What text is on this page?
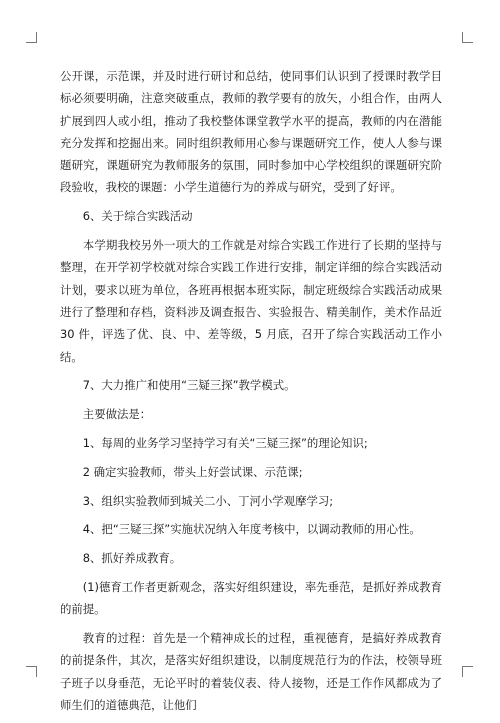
公开课，示范课，并及时进行研讨和总结，使同事们认识到了授课时教学目标必须要明确，注意突破重点，教师的教学要有的放矢，小组合作，由两人扩展到四人或小组，推动了我校整体课堂教学水平的提高，教师的内在潜能充分发挥和挖掘出来。同时组织教师用心参与课题研究工作，使人人参与课题研究，课题研究为教师服务的氛围，同时参加中心学校组织的课题研究阶段验收，我校的课题：小学生道德行为的养成与研究，受到了好评。

6、关于综合实践活动

本学期我校另外一项大的工作就是对综合实践工作进行了长期的坚持与整理，在开学初学校就对综合实践工作进行安排，制定详细的综合实践活动计划，要求以班为单位，各班再根据本班实际，制定班级综合实践活动成果进行了整理和存档，资料涉及调查报告、实验报告、精美制作，美术作品近 30 件，评选了优、良、中、差等级，5 月底，召开了综合实践活动工作小结。

7、大力推广和使用“三疑三探”教学模式。

主要做法是：

1、每周的业务学习坚持学习有关“三疑三探”的理论知识;

2 确定实验教师，带头上好尝试课、示范课;

3、组织实验教师到城关二小、丁河小学观摩学习;

4、把“三疑三探”实施状况纳入年度考核中，以调动教师的用心性。

8、抓好养成教育。

(1)德育工作者更新观念，落实好组织建设，率先垂范，是抓好养成教育的前提。

教育的过程：首先是一个精神成长的过程，重视德育，是搞好养成教育的前提条件，其次，是落实好组织建设，以制度规范行为的作法，校领导班子班子以身垂范，无论平时的着装仪表、待人接物，还是工作作风都成为了师生们的道德典范，让他们
